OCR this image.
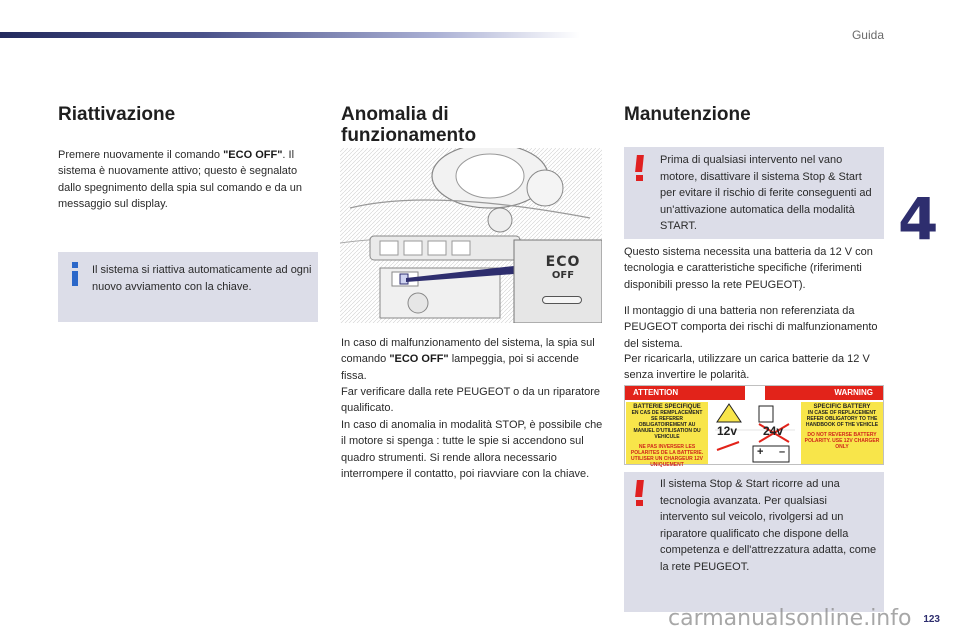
Guida
4
Riattivazione
Premere nuovamente il comando "ECO OFF". Il sistema è nuovamente attivo; questo è segnalato dallo spegnimento della spia sul comando e da un messaggio sul display.
Il sistema si riattiva automaticamente ad ogni nuovo avviamento con la chiave.
Anomalia di funzionamento
ECO
OFF
In caso di malfunzionamento del sistema, la spia sul comando "ECO OFF" lampeggia, poi si accende fissa.
Far verificare dalla rete PEUGEOT o da un riparatore qualificato.
In caso di anomalia in modalità STOP, è possibile che il motore si spenga : tutte le spie si accendono sul quadro strumenti. Si rende allora necessario interrompere il contatto, poi riavviare con la chiave.
Manutenzione
Prima di qualsiasi intervento nel vano motore, disattivare il sistema Stop & Start per evitare il rischio di ferite conseguenti ad un'attivazione automatica della modalità START.
Questo sistema necessita una batteria da 12 V con tecnologia e caratteristiche specifiche (riferimenti disponibili presso la rete PEUGEOT).
Il montaggio di una batteria non referenziata da PEUGEOT comporta dei rischi di malfunzionamento del sistema.
Per ricaricarla, utilizzare un carica batterie da 12 V senza invertire le polarità.
ATTENTION	WARNING
BATTERIE SPECIFIQUE
EN CAS DE REMPLACEMENT SE REFERER OBLIGATOIREMENT AU MANUEL D'UTILISATION DU VEHICULE
NE PAS INVERSER LES POLARITES DE LA BATTERIE. UTILISER UN CHARGEUR 12V UNIQUEMENT
12v 24v
+ –
SPECIFIC BATTERY
IN CASE OF REPLACEMENT REFER OBLIGATORY TO THE HANDBOOK OF THE VEHICLE
DO NOT REVERSE BATTERY POLARITY. USE 12V CHARGER ONLY
Il sistema Stop & Start ricorre ad una tecnologia avanzata. Per qualsiasi intervento sul veicolo, rivolgersi ad un riparatore qualificato che dispone della competenza e dell'attrezzatura adatta, come la rete PEUGEOT.
carmanualsonline.info 123
